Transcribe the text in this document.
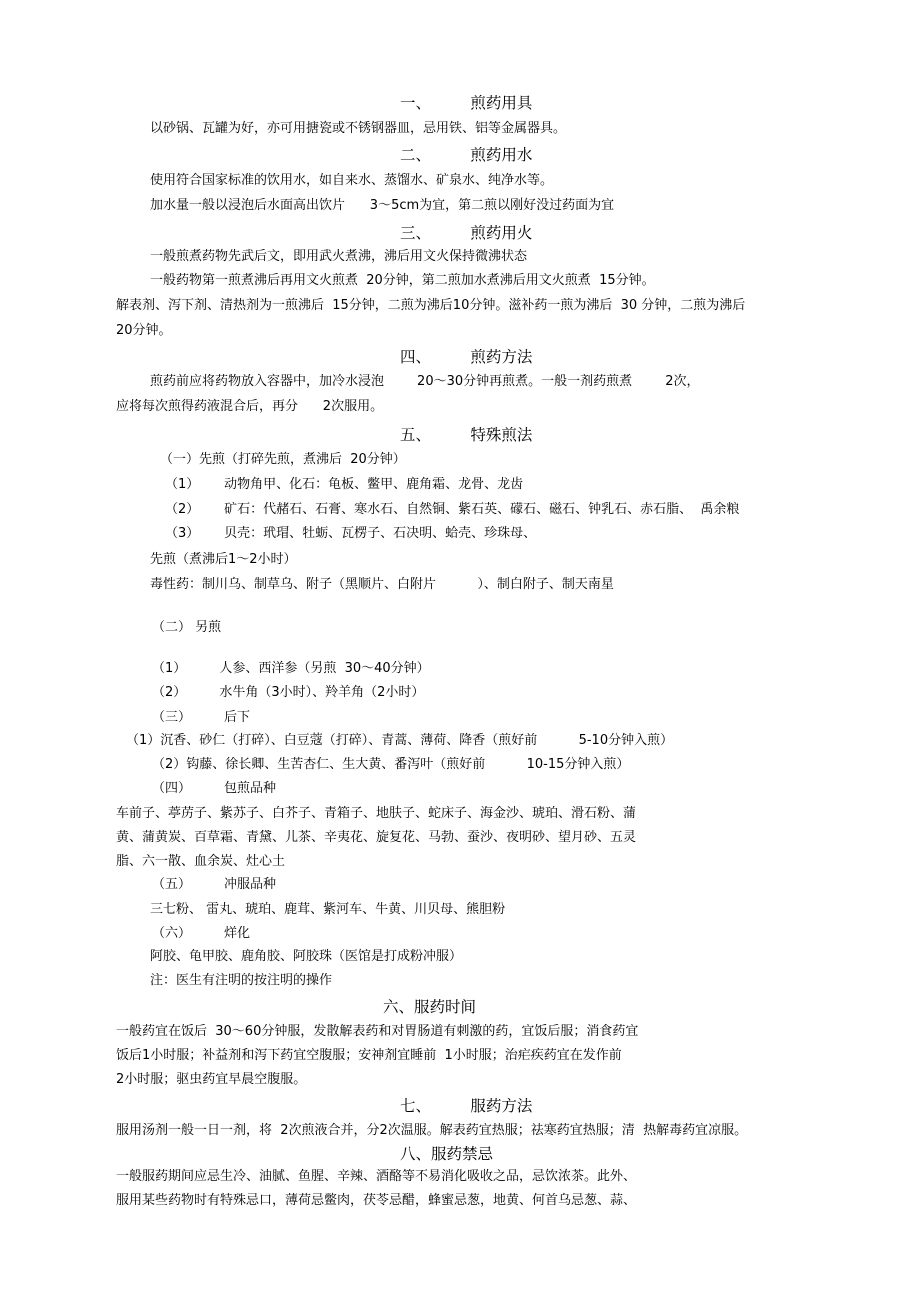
一、        煎药用具
以砂锅、瓦罐为好，亦可用搪瓷或不锈钢器皿，忌用铁、铝等金属器具。
二、        煎药用水
使用符合国家标准的饮用水，如自来水、蒸馏水、矿泉水、纯净水等。
加水量一般以浸泡后水面高出饮片      3～5cm为宜，第二煎以刚好没过药面为宜
三、        煎药用火
一般煎煮药物先武后文，即用武火煮沸，沸后用文火保持微沸状态
一般药物第一煎煮沸后再用文火煎煮  20分钟，第二煎加水煮沸后用文火煎煮  15分钟。
解表剂、泻下剂、清热剂为一煎沸后  15分钟，二煎为沸后10分钟。滋补药一煎为沸后  30 分钟，二煎为沸后
20分钟。
四、        煎药方法
煎药前应将药物放入容器中，加冷水浸泡        20～30分钟再煎煮。一般一剂药煎煮        2次，
应将每次煎得药液混合后，再分      2次服用。
五、        特殊煎法
（一）先煎（打碎先煎，煮沸后  20分钟）
（1）      动物角甲、化石：龟板、鳖甲、鹿角霜、龙骨、龙齿
（2）      矿石：代赭石、石膏、寒水石、自然铜、紫石英、礞石、磁石、钟乳石、赤石脂、  禹余粮
（3）      贝壳：玳瑁、牡蛎、瓦楞子、石决明、蛤壳、珍珠母、
先煎（煮沸后1～2小时）
毒性药：制川乌、制草乌、附子（黑顺片、白附片          ）、制白附子、制天南星
（二） 另煎
（1）        人参、西洋参（另煎  30～40分钟）
（2）        水牛角（3小时）、羚羊角（2小时）
（三）        后下
（1）沉香、砂仁（打碎）、白豆蔻（打碎）、青蒿、薄荷、降香（煎好前          5-10分钟入煎）
（2）钩藤、徐长卿、生苦杏仁、生大黄、番泻叶（煎好前          10-15分钟入煎）
（四）        包煎品种
车前子、葶苈子、紫苏子、白芥子、青箱子、地肤子、蛇床子、海金沙、琥珀、滑石粉、蒲
黄、蒲黄炭、百草霜、青黛、儿茶、辛夷花、旋复花、马勃、蚕沙、夜明砂、望月砂、五灵
脂、六一散、血余炭、灶心土
（五）        冲服品种
三七粉、 雷丸、琥珀、鹿茸、紫河车、牛黄、川贝母、熊胆粉
（六）        烊化
阿胶、龟甲胶、鹿角胶、阿胶珠（医馆是打成粉冲服）
注：医生有注明的按注明的操作
六、服药时间
一般药宜在饭后  30～60分钟服，发散解表药和对胃肠道有刺激的药，宜饭后服；消食药宜
饭后1小时服；补益剂和泻下药宜空腹服；安神剂宜睡前  1小时服；治疟疾药宜在发作前
2小时服；驱虫药宜早晨空腹服。
七、        服药方法
服用汤剂一般一日一剂，将  2次煎液合并，分2次温服。解表药宜热服；祛寒药宜热服；清  热解毒药宜凉服。
八、服药禁忌
一般服药期间应忌生冷、油腻、鱼腥、辛辣、酒酪等不易消化吸收之品，忌饮浓茶。此外、
服用某些药物时有特殊忌口，薄荷忌鳖肉，茯苓忌醋，蜂蜜忌葱，地黄、何首乌忌葱、蒜、
